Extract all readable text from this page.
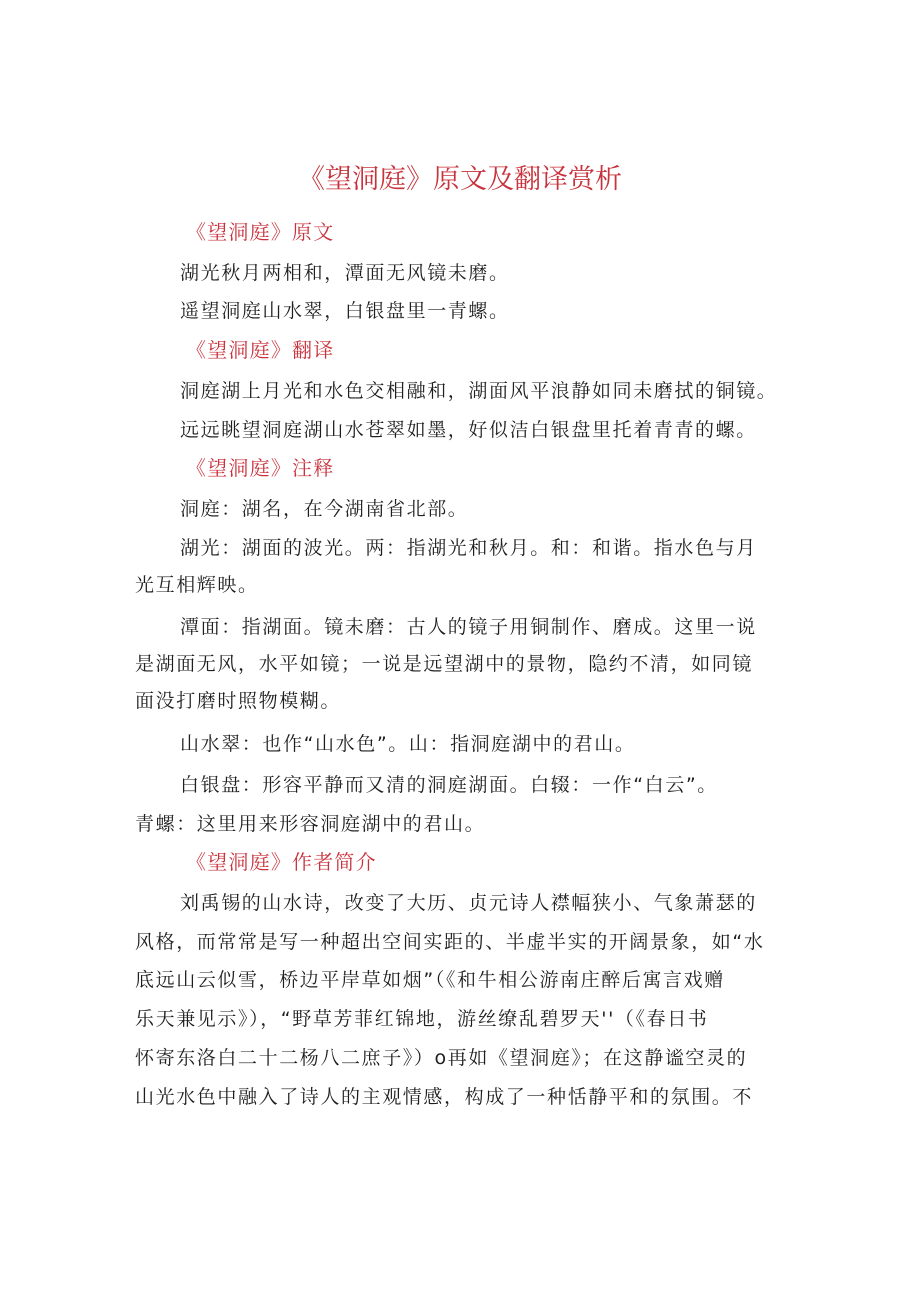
《望洞庭》原文及翻译赏析
《望洞庭》原文
湖光秋月两相和，潭面无风镜未磨。
遥望洞庭山水翠，白银盘里一青螺。
《望洞庭》翻译
洞庭湖上月光和水色交相融和，湖面风平浪静如同未磨拭的铜镜。
远远眺望洞庭湖山水苍翠如墨，好似洁白银盘里托着青青的螺。
《望洞庭》注释
洞庭：湖名，在今湖南省北部。
湖光：湖面的波光。两：指湖光和秋月。和：和谐。指水色与月
光互相辉映。
潭面：指湖面。镜未磨：古人的镜子用铜制作、磨成。这里一说
是湖面无风，水平如镜；一说是远望湖中的景物，隐约不清，如同镜
面没打磨时照物模糊。
山水翠：也作“山水色”。山：指洞庭湖中的君山。
白银盘：形容平静而又清的洞庭湖面。白辍：一作“白云”。
青螺：这里用来形容洞庭湖中的君山。
《望洞庭》作者简介
刘禹锡的山水诗，改变了大历、贞元诗人襟幅狭小、气象萧瑟的
风格，而常常是写一种超出空间实距的、半虚半实的开阔景象，如“水
底远山云似雪，桥边平岸草如烟”（《和牛相公游南庄醉后寓言戏赠
乐天兼见示》），“野草芳菲红锦地，游丝缭乱碧罗天''（《春日书
怀寄东洛白二十二杨八二庶子》）o再如《望洞庭》；在这静谧空灵的
山光水色中融入了诗人的主观情感，构成了一种恬静平和的氛围。不
